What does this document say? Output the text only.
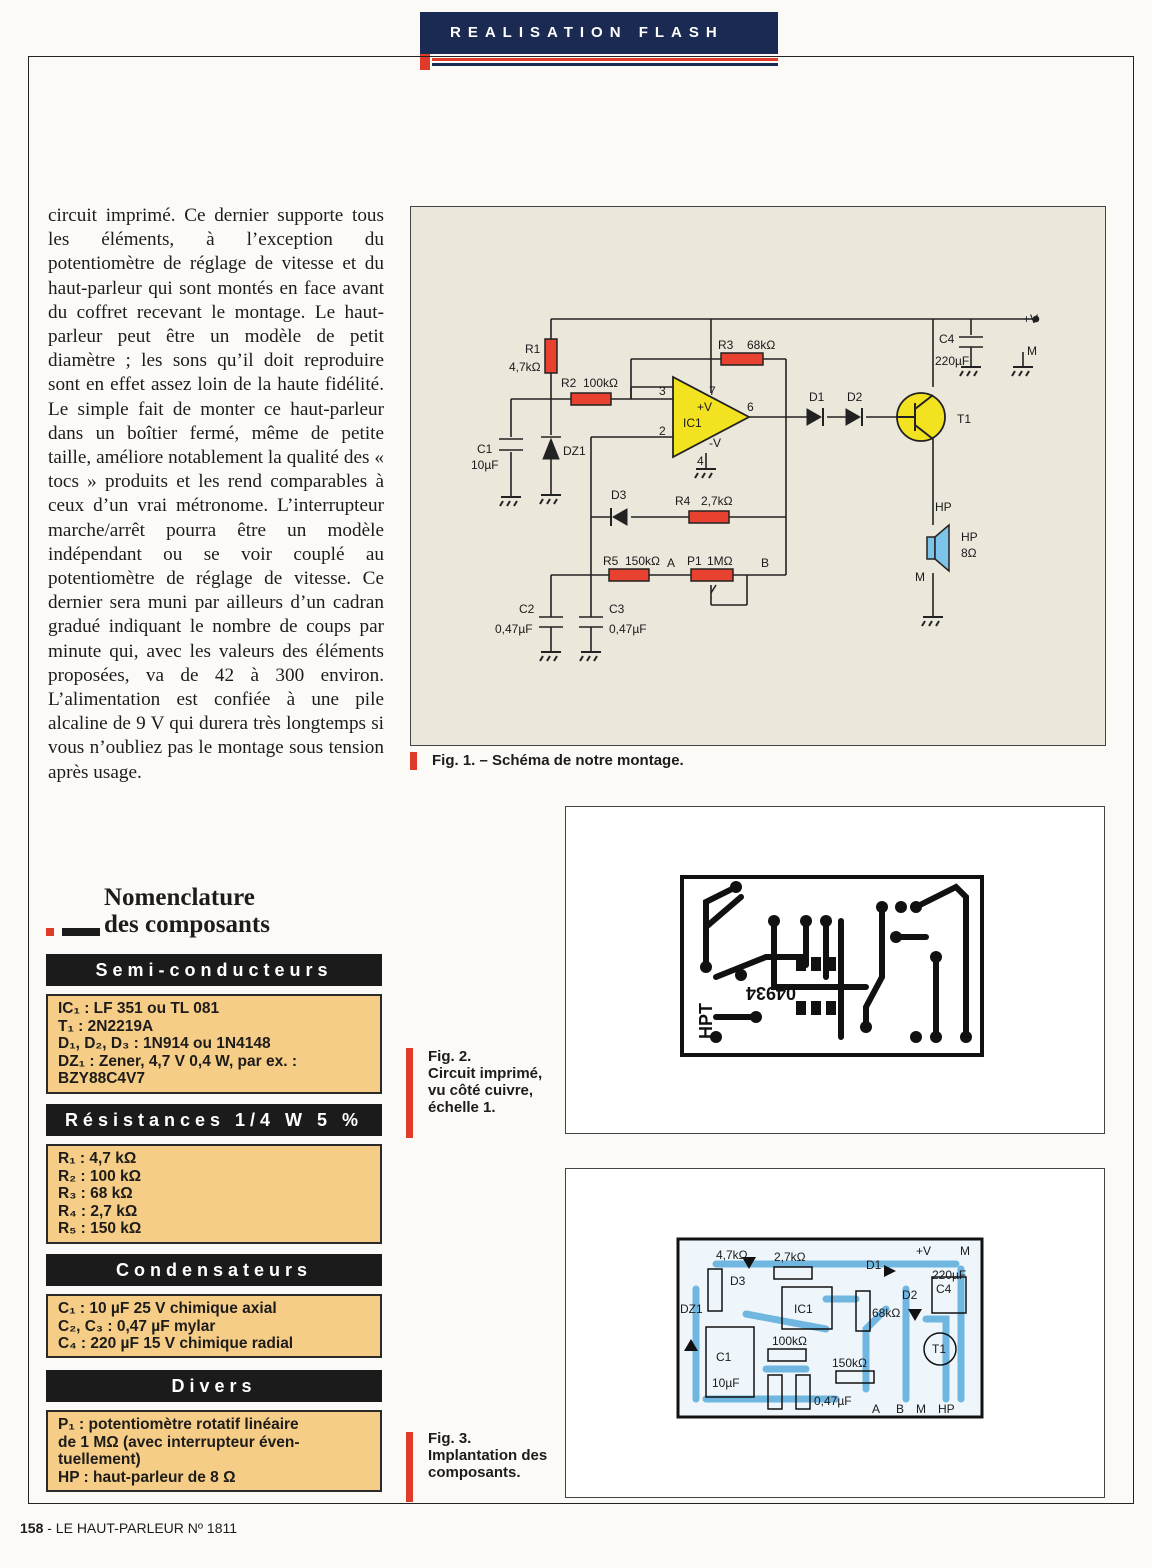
REALISATION FLASH
circuit imprimé. Ce dernier supporte tous les éléments, à l’exception du potentiomètre de réglage de vitesse et du haut-parleur qui sont montés en face avant du coffret recevant le montage. Le haut-parleur peut être un modèle de petit diamètre ; les sons qu’il doit reproduire sont en effet assez loin de la haute fidélité. Le simple fait de monter ce haut-parleur dans un boîtier fermé, même de petite taille, améliore notablement la qualité des « tocs » produits et les rend comparables à ceux d’un vrai métronome. L’interrupteur marche/arrêt pourra être un modèle indépendant ou se voir couplé au potentiomètre de réglage de vitesse. Ce dernier sera muni par ailleurs d’un cadran gradué indiquant le nombre de coups par minute qui, avec les valeurs des éléments proposées, va de 42 à 300 environ. L’alimentation est confiée à une pile alcaline de 9 V qui durera très longtemps si vous n’oubliez pas le montage sous tension après usage.
R1
4,7kΩ
R2 100kΩ
R3 68kΩ
R4 2,7kΩ
R5 150kΩ P1 1MΩ
C1
10µF
C2
0,47µF
C3
0,47µF
C4
220µF
DZ1
D1 D2
D3
IC1
+V
-V
T1
HP
HP
8Ω
+V
M
M
3
2
7
6
4
A	B
Fig. 1. – Schéma de notre montage.
04934
HPT
Fig. 2.
Circuit imprimé, vu côté cuivre,
échelle 1.
4,7kΩ 2,7kΩ
D1
+V M
D3
IC1
DZ1	68kΩ
C4
220µF
D2
100kΩ
C1
10µF
150kΩ
T1
0,47µF
A B M HP
Fig. 3.
Implantation des composants.
Nomenclature
des composants
Semi-conducteurs
IC₁ : LF 351 ou TL 081
T₁ : 2N2219A
D₁, D₂, D₃ : 1N914 ou 1N4148
DZ₁ : Zener, 4,7 V 0,4 W, par ex. :
BZY88C4V7
Résistances 1/4 W 5 %
R₁ : 4,7 kΩ
R₂ : 100 kΩ
R₃ : 68 kΩ
R₄ : 2,7 kΩ
R₅ : 150 kΩ
Condensateurs
C₁ : 10 µF 25 V chimique axial
C₂, C₃ : 0,47 µF mylar
C₄ : 220 µF 15 V chimique radial
Divers
P₁ : potentiomètre rotatif linéaire
de 1 MΩ (avec interrupteur éven-
tuellement)
HP : haut-parleur de 8 Ω
158 - LE HAUT-PARLEUR Nº 1811
